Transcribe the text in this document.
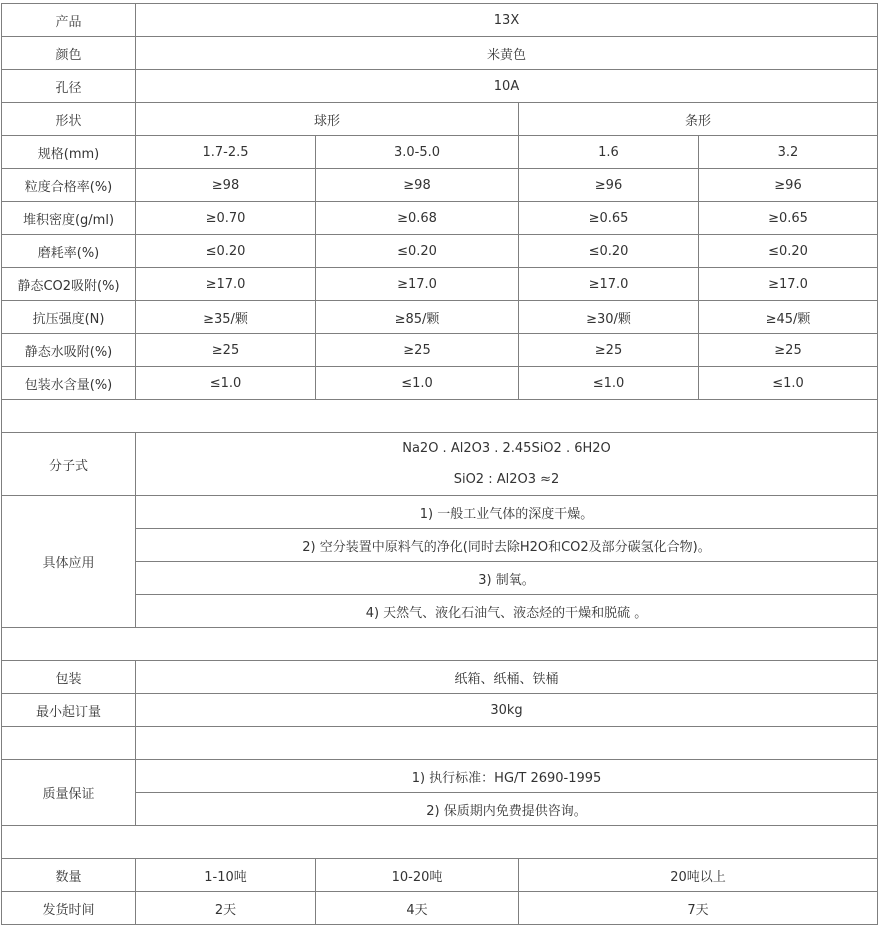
产品	13X			
颜色	米黄色			
孔径	10A			
形状	球形		条形	
规格(mm)	1.7-2.5	3.0-5.0	1.6	3.2
粒度合格率(%)	≥98	≥98	≥96	≥96
堆积密度(g/ml)	≥0.70	≥0.68	≥0.65	≥0.65
磨耗率(%)	≤0.20	≤0.20	≤0.20	≤0.20
静态CO2吸附(%)	≥17.0	≥17.0	≥17.0	≥17.0
抗压强度(N)	≥35/颗	≥85/颗	≥30/颗	≥45/颗
静态水吸附(%)	≥25	≥25	≥25	≥25
包装水含量(%)	≤1.0	≤1.0	≤1.0	≤1.0

分子式	Na2O . Al2O3 . 2.45SiO2 . 6H2O			
	SiO2 : Al2O3 ≈2			
具体应用	1) 一般工业气体的深度干燥。			
	2) 空分装置中原料气的净化(同时去除H2O和CO2及部分碳氢化合物)。			
	3) 制氧。			
	4) 天然气、液化石油气、液态烃的干燥和脱硫 。			

包装	纸箱、纸桶、铁桶			
最小起订量	30kg			

质量保证	1) 执行标准：HG/T 2690-1995			
	2) 保质期内免费提供咨询。			

数量	1-10吨	10-20吨	20吨以上	
发货时间	2天	4天	7天	
